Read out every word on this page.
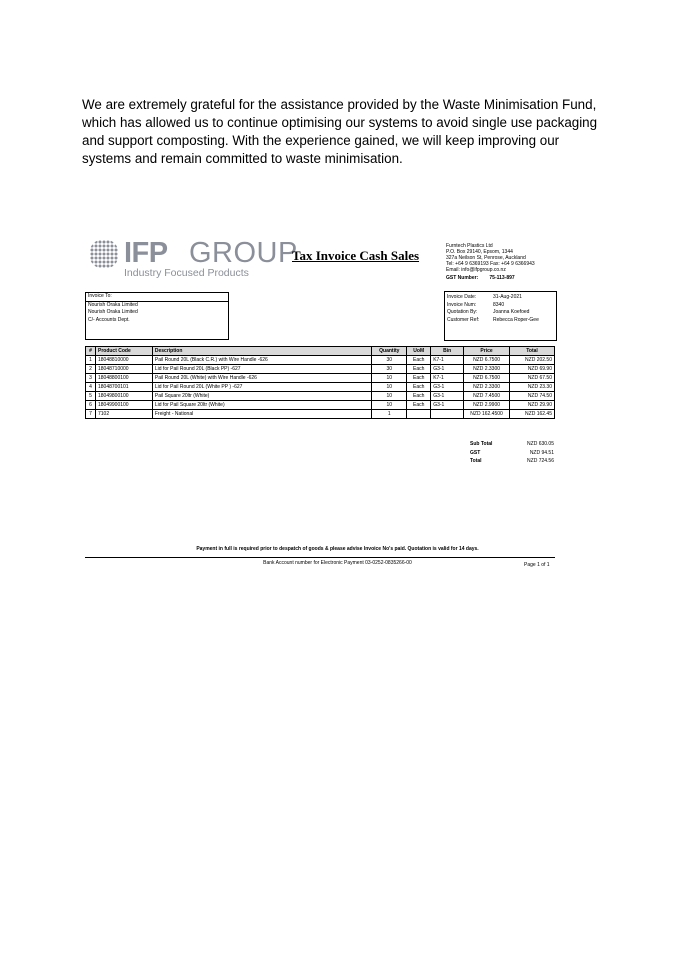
We are extremely grateful for the assistance provided by the Waste Minimisation Fund, which has allowed us to continue optimising our systems to avoid single use packaging and support composting. With the experience gained, we will keep improving our systems and remain committed to waste minimisation.
IFP GROUP
Industry Focused Products
Tax Invoice Cash Sales
Furntech Plastics Ltd
P.O. Box 29140, Epsom, 1344
327a Neilson St, Penrose, Auckland
Tel: +64 9 6369193 Fax: +64 9 6366943
Email: info@ifpgroup.co.nz
GST Number: 75-113-897
Invoice To:
Nourish Oraka Limited
Nourish Oraka Limited
C/- Accounts Dept.
Invoice Date:	31-Aug-2021
Invoice Num:	8340
Quotation By:	Joanna Koefoed
Customer Ref:	Rebecca Roper-Gee
#	Product Code	Description	Quantity	UoM	Bin	Price	Total
1	18048810000	Pail Round 20L (Black C.R.) with Wire Handle -626	30	Each	K7-1	NZD 6.7500	NZD 202.50
2	18048710000	Lid for Pail Round 20L (Black PP) -627	30	Each	G3-1	NZD 2.3300	NZD 69.90
3	18048800100	Pail Round 20L (White) with Wire Handle -626	10	Each	K7-1	NZD 6.7500	NZD 67.50
4	18048700101	Lid for Pail Round 20L (White PP ) -627	10	Each	G3-1	NZD 2.3300	NZD 23.30
5	18049800100	Pail Square 20ltr (White)	10	Each	G3-1	NZD 7.4500	NZD 74.50
6	18049900100	Lid for Pail Square 20ltr (White)	10	Each	G3-1	NZD 2.9900	NZD 29.90
7	7102	Freight - National	1			NZD 162.4500	NZD 162.45
Sub Total	NZD 630.05
GST	NZD 94.51
Total	NZD 724.56
Payment in full is required prior to despatch of goods & please advise Invoice No's paid. Quotation is valid for 14 days.
Bank Account number for Electronic Payment 03-0252-0835266-00	Page 1 of 1
